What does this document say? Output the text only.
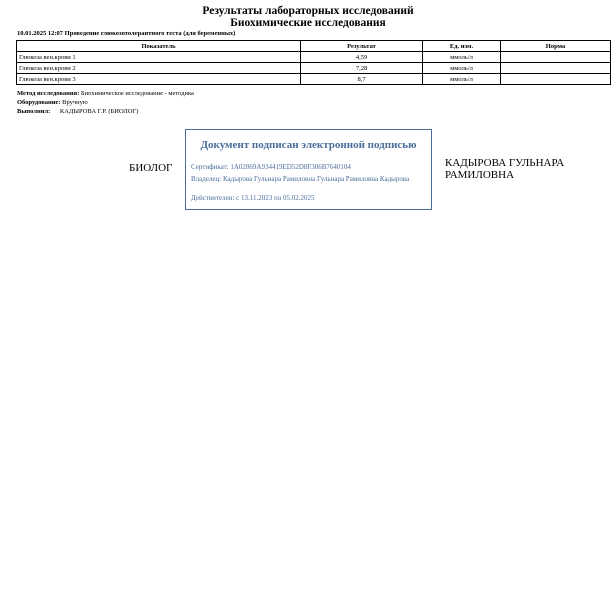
Результаты лабораторных исследований
Биохимические исследования
10.01.2025 12:07 Проведение глюкозотолерантного теста (для беременных)
Показатель	Результат	Ед. изм.	Норма
Глюкоза вен.крови 1	4,59	ммоль/л	
Глюкоза вен.крови 2	7,28	ммоль/л	
Глюкоза вен.крови 3	8,7	ммоль/л	
Метод исследования: Биохимическое исследование - методика
Оборудование: Вручную
Выполнил: КАДЫРОВА Г.Р. (БИОЛОГ)
БИОЛОГ
Документ подписан электронной подписью
Сертификат: 1A02869A934419ED52D8F306B7640104
Владелец: Кадырова Гульнара Рамиловна Гульнара Рамиловна Кадырова
Действителен: с 13.11.2023 по 05.02.2025
КАДЫРОВА ГУЛЬНАРА РАМИЛОВНА
